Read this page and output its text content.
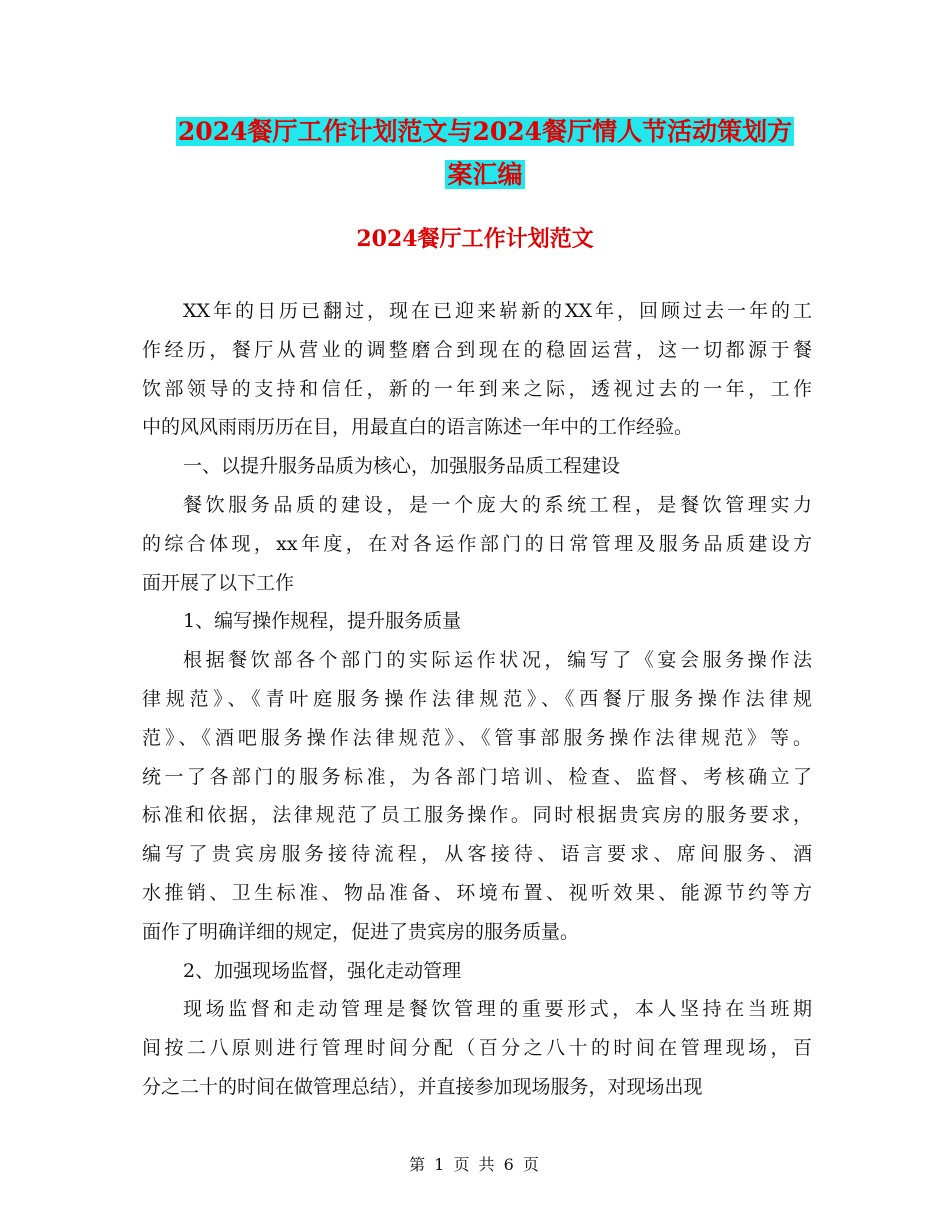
2024餐厅工作计划范文与2024餐厅情人节活动策划方
案汇编
2024餐厅工作计划范文

XX年的日历已翻过，现在已迎来崭新的XX年，回顾过去一年的工
作经历，餐厅从营业的调整磨合到现在的稳固运营，这一切都源于餐
饮部领导的支持和信任，新的一年到来之际，透视过去的一年，工作
中的风风雨雨历历在目，用最直白的语言陈述一年中的工作经验。

一、以提升服务品质为核心，加强服务品质工程建设

餐饮服务品质的建设，是一个庞大的系统工程，是餐饮管理实力
的综合体现，xx年度，在对各运作部门的日常管理及服务品质建设方
面开展了以下工作

1、编写操作规程，提升服务质量

根据餐饮部各个部门的实际运作状况，编写了《宴会服务操作法
律规范》、《青叶庭服务操作法律规范》、《西餐厅服务操作法律规
范》、《酒吧服务操作法律规范》、《管事部服务操作法律规范》等。
统一了各部门的服务标准，为各部门培训、检查、监督、考核确立了
标准和依据，法律规范了员工服务操作。同时根据贵宾房的服务要求，
编写了贵宾房服务接待流程，从客接待、语言要求、席间服务、酒
水推销、卫生标准、物品准备、环境布置、视听效果、能源节约等方
面作了明确详细的规定，促进了贵宾房的服务质量。

2、加强现场监督，强化走动管理

现场监督和走动管理是餐饮管理的重要形式，本人坚持在当班期
间按二八原则进行管理时间分配（百分之八十的时间在管理现场，百
分之二十的时间在做管理总结），并直接参加现场服务，对现场出现

第 1 页 共 6 页
